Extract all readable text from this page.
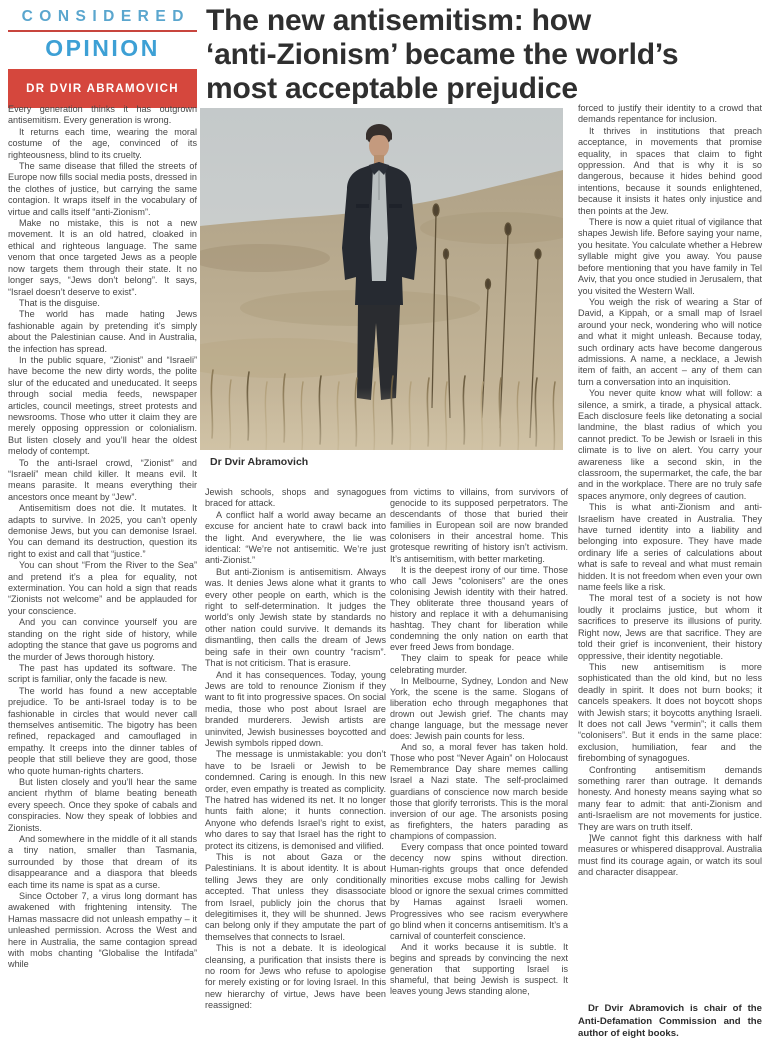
CONSIDERED
OPINION
DR DVIR ABRAMOVICH

The new antisemitism: how

‘anti-Zionism’ became the world’s

most acceptable prejudice

Dr Dvir Abramovich

Every generation thinks it has outgrown antisemitism. Every generation is wrong.

It returns each time, wearing the moral costume of the age, convinced of its righteousness, blind to its cruelty.

The same disease that filled the streets of Europe now fills social media posts, dressed in the clothes of justice, but carrying the same contagion. It wraps itself in the vocabulary of virtue and calls itself “anti-Zionism”.

Make no mistake, this is not a new movement. It is an old hatred, cloaked in ethical and righteous language. The same venom that once targeted Jews as a people now targets them through their state. It no longer says, “Jews don’t belong”. It says, “Israel doesn’t deserve to exist”.

That is the disguise.

The world has made hating Jews fashionable again by pretending it’s simply about the Palestinian cause. And in Australia, the infection has spread.

In the public square, “Zionist” and “Israeli” have become the new dirty words, the polite slur of the educated and uneducated. It seeps through social media feeds, newspaper articles, council meetings, street protests and newsrooms. Those who utter it claim they are merely opposing oppression or colonialism. But listen closely and you’ll hear the oldest melody of contempt.

To the anti-Israel crowd, “Zionist” and “Israeli” mean child killer. It means evil. It means parasite. It means everything their ancestors once meant by “Jew”.

Antisemitism does not die. It mutates. It adapts to survive. In 2025, you can’t openly demonise Jews, but you can demonise Israel. You can demand its destruction, question its right to exist and call that “justice.”

You can shout “From the River to the Sea” and pretend it’s a plea for equality, not extermination. You can hold a sign that reads “Zionists not welcome” and be applauded for your conscience.

And you can convince yourself you are standing on the right side of history, while adopting the stance that gave us pogroms and the murder of Jews thorough history.

The past has updated its software. The script is familiar, only the facade is new.

The world has found a new acceptable prejudice. To be anti-Israel today is to be fashionable in circles that would never call themselves antisemitic. The bigotry has been refined, repackaged and camouflaged in empathy. It creeps into the dinner tables of people that still believe they are good, those who quote human-rights charters.

But listen closely and you’ll hear the same ancient rhythm of blame beating beneath every speech. Once they spoke of cabals and conspiracies. Now they speak of lobbies and Zionists.

And somewhere in the middle of it all stands a tiny nation, smaller than Tasmania, surrounded by those that dream of its disappearance and a diaspora that bleeds each time its name is spat as a curse.

Since October 7, a virus long dormant has awakened with frightening intensity. The Hamas massacre did not unleash empathy – it unleashed permission. Across the West and here in Australia, the same contagion spread with mobs chanting “Globalise the Intifada” while

Jewish schools, shops and synagogues braced for attack.

A conflict half a world away became an excuse for ancient hate to crawl back into the light. And everywhere, the lie was identical: “We’re not antisemitic. We’re just anti-Zionist.”

But anti-Zionism is antisemitism. Always was. It denies Jews alone what it grants to every other people on earth, which is the right to self-determination. It judges the world’s only Jewish state by standards no other nation could survive. It demands its dismantling, then calls the dream of Jews being safe in their own country “racism”. That is not criticism. That is erasure.

And it has consequences. Today, young Jews are told to renounce Zionism if they want to fit into progressive spaces. On social media, those who post about Israel are branded murderers. Jewish artists are uninvited, Jewish businesses boycotted and Jewish symbols ripped down.

The message is unmistakable: you don’t have to be Israeli or Jewish to be condemned. Caring is enough. In this new order, even empathy is treated as complicity. The hatred has widened its net. It no longer hunts faith alone; it hunts connection. Anyone who defends Israel’s right to exist, who dares to say that Israel has the right to protect its citizens, is demonised and vilified.

This is not about Gaza or the Palestinians. It is about identity. It is about telling Jews they are only conditionally accepted. That unless they disassociate from Israel, publicly join the chorus that delegitimises it, they will be shunned. Jews can belong only if they amputate the part of themselves that connects to Israel.

This is not a debate. It is ideological cleansing, a purification that insists there is no room for Jews who refuse to apologise for merely existing or for loving Israel. In this new hierarchy of virtue, Jews have been reassigned:

from victims to villains, from survivors of genocide to its supposed perpetrators. The descendants of those that buried their families in European soil are now branded colonisers in their ancestral home. This grotesque rewriting of history isn’t activism. It’s antisemitism, with better marketing.

It is the deepest irony of our time. Those who call Jews “colonisers” are the ones colonising Jewish identity with their hatred. They obliterate three thousand years of history and replace it with a dehumanising hashtag. They chant for liberation while condemning the only nation on earth that ever freed Jews from bondage.

They claim to speak for peace while celebrating murder.

In Melbourne, Sydney, London and New York, the scene is the same. Slogans of liberation echo through megaphones that drown out Jewish grief. The chants may change language, but the message never does: Jewish pain counts for less.

And so, a moral fever has taken hold. Those who post “Never Again” on Holocaust Remembrance Day share memes calling Israel a Nazi state. The self-proclaimed guardians of conscience now march beside those that glorify terrorists. This is the moral inversion of our age. The arsonists posing as firefighters, the haters parading as champions of compassion.

Every compass that once pointed toward decency now spins without direction. Human-rights groups that once defended minorities excuse mobs calling for Jewish blood or ignore the sexual crimes committed by Hamas against Israeli women. Progressives who see racism everywhere go blind when it concerns antisemitism. It’s a carnival of counterfeit conscience.

And it works because it is subtle. It begins and spreads by convincing the next generation that supporting Israel is shameful, that being Jewish is suspect. It leaves young Jews standing alone,

forced to justify their identity to a crowd that demands repentance for inclusion.

It thrives in institutions that preach acceptance, in movements that promise equality, in spaces that claim to fight oppression. And that is why it is so dangerous, because it hides behind good intentions, because it sounds enlightened, because it insists it hates only injustice and then points at the Jew.

There is now a quiet ritual of vigilance that shapes Jewish life. Before saying your name, you hesitate. You calculate whether a Hebrew syllable might give you away. You pause before mentioning that you have family in Tel Aviv, that you once studied in Jerusalem, that you visited the Western Wall.

You weigh the risk of wearing a Star of David, a Kippah, or a small map of Israel around your neck, wondering who will notice and what it might unleash. Because today, such ordinary acts have become dangerous admissions. A name, a necklace, a Jewish item of faith, an accent – any of them can turn a conversation into an inquisition.

You never quite know what will follow: a silence, a smirk, a tirade, a physical attack. Each disclosure feels like detonating a social landmine, the blast radius of which you cannot predict. To be Jewish or Israeli in this climate is to live on alert. You carry your awareness like a second skin, in the classroom, the supermarket, the cafe, the bar and in the workplace. There are no truly safe spaces anymore, only degrees of caution.

This is what anti-Zionism and anti-Israelism have created in Australia. They have turned identity into a liability and belonging into exposure. They have made ordinary life a series of calculations about what is safe to reveal and what must remain hidden. It is not freedom when even your own name feels like a risk.

The moral test of a society is not how loudly it proclaims justice, but whom it sacrifices to preserve its illusions of purity. Right now, Jews are that sacrifice. They are told their grief is inconvenient, their history oppressive, their identity negotiable.

This new antisemitism is more sophisticated than the old kind, but no less deadly in spirit. It does not burn books; it cancels speakers. It does not boycott shops with Jewish stars; it boycotts anything Israeli. It does not call Jews “vermin”; it calls them “colonisers”. But it ends in the same place: exclusion, humiliation, fear and the firebombing of synagogues.

Confronting antisemitism demands something rarer than outrage. It demands honesty. And honesty means saying what so many fear to admit: that anti-Zionism and anti-Israelism are not movements for justice. They are wars on truth itself.

]We cannot fight this darkness with half measures or whispered disapproval. Australia must find its courage again, or watch its soul and character disappear.

Dr Dvir Abramovich is chair of the Anti-Defamation Commission and the author of eight books.
